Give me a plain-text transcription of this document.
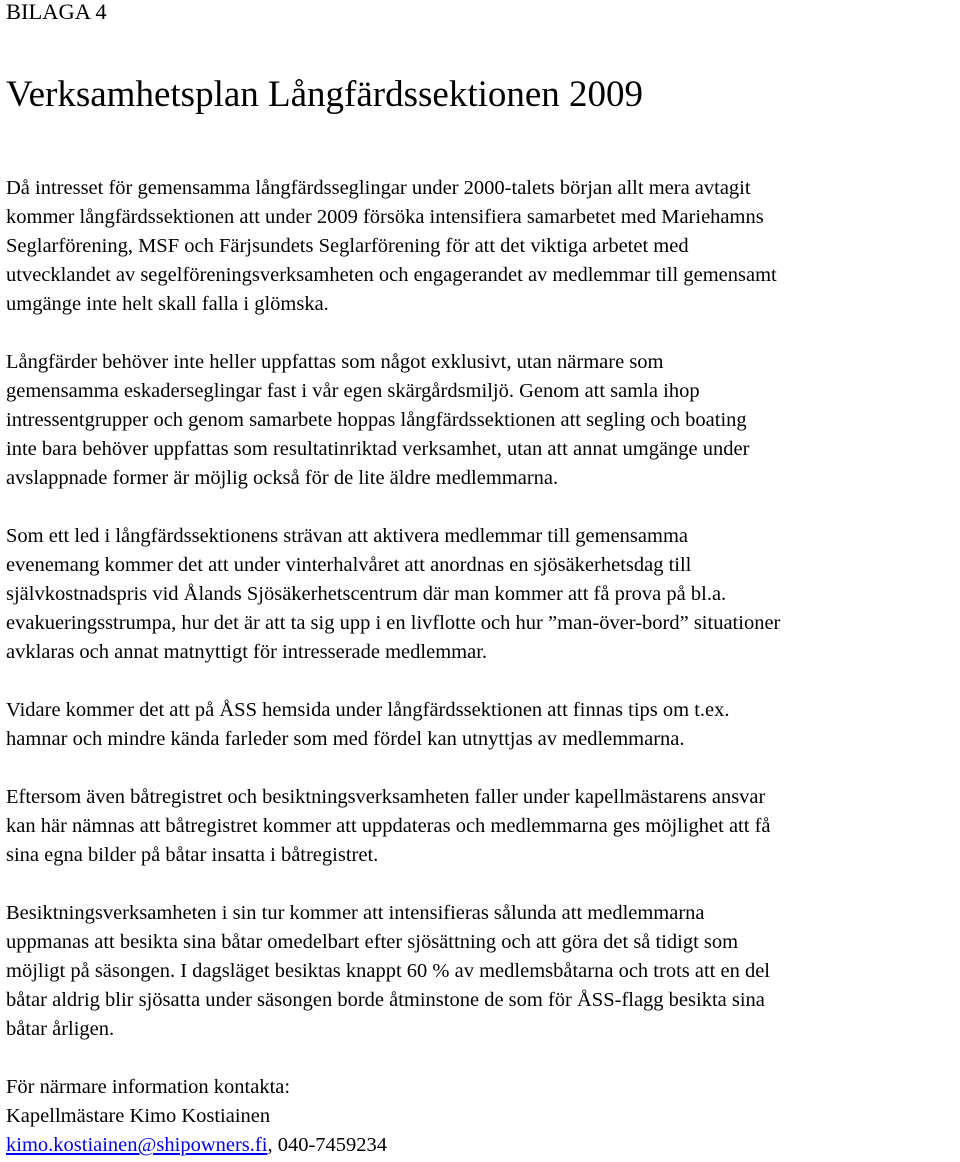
BILAGA 4
Verksamhetsplan Långfärdssektionen 2009
Då intresset för gemensamma långfärdsseglingar under 2000-talets början allt mera avtagit
kommer långfärdssektionen att under 2009 försöka intensifiera samarbetet med Mariehamns
Seglarförening, MSF och Färjsundets Seglarförening för att det viktiga arbetet med
utvecklandet av segelföreningsverksamheten och engagerandet av medlemmar till gemensamt
umgänge inte helt skall falla i glömska.
Långfärder behöver inte heller uppfattas som något exklusivt, utan närmare som
gemensamma eskaderseglingar fast i vår egen skärgårdsmiljö. Genom att samla ihop
intressentgrupper och genom samarbete hoppas långfärdssektionen att segling och boating
inte bara behöver uppfattas som resultatinriktad verksamhet, utan att annat umgänge under
avslappnade former är möjlig också för de lite äldre medlemmarna.
Som ett led i långfärdssektionens strävan att aktivera medlemmar till gemensamma
evenemang kommer det att under vinterhalvåret att anordnas en sjösäkerhetsdag till
självkostnadspris vid Ålands Sjösäkerhetscentrum där man kommer att få prova på bl.a.
evakueringsstrumpa, hur det är att ta sig upp i en livflotte och hur ”man-över-bord” situationer
avklaras och annat matnyttigt för intresserade medlemmar.
Vidare kommer det att på ÅSS hemsida under långfärdssektionen att finnas tips om t.ex.
hamnar och mindre kända farleder som med fördel kan utnyttjas av medlemmarna.
Eftersom även båtregistret och besiktningsverksamheten faller under kapellmästarens ansvar
kan här nämnas att båtregistret kommer att uppdateras och medlemmarna ges möjlighet att få
sina egna bilder på båtar insatta i båtregistret.
Besiktningsverksamheten i sin tur kommer att intensifieras sålunda att medlemmarna
uppmanas att besikta sina båtar omedelbart efter sjösättning och att göra det så tidigt som
möjligt på säsongen. I dagsläget besiktas knappt 60 % av medlemsbåtarna och trots att en del
båtar aldrig blir sjösatta under säsongen borde åtminstone de som för ÅSS-flagg besikta sina
båtar årligen.
För närmare information kontakta:
Kapellmästare Kimo Kostiainen
kimo.kostiainen@shipowners.fi, 040-7459234
